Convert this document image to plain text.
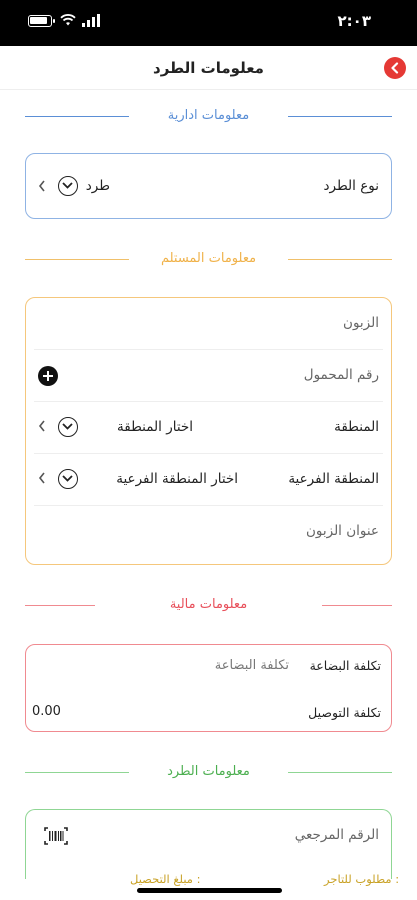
٢:٠٣
معلومات الطرد
معلومات ادارية
نوع الطرد
طرد
معلومات المستلم
الزبون
رقم المحمول
المنطقة
اختار المنطقة
المنطقة الفرعية
اختار المنطقة الفرعية
عنوان الزبون
معلومات مالية
تكلفة البضاعة
تكلفة البضاعة
تكلفة التوصيل
0.00
معلومات الطرد
الرقم المرجعي
مطلوب للتاجر :
مبلغ التحصيل :
